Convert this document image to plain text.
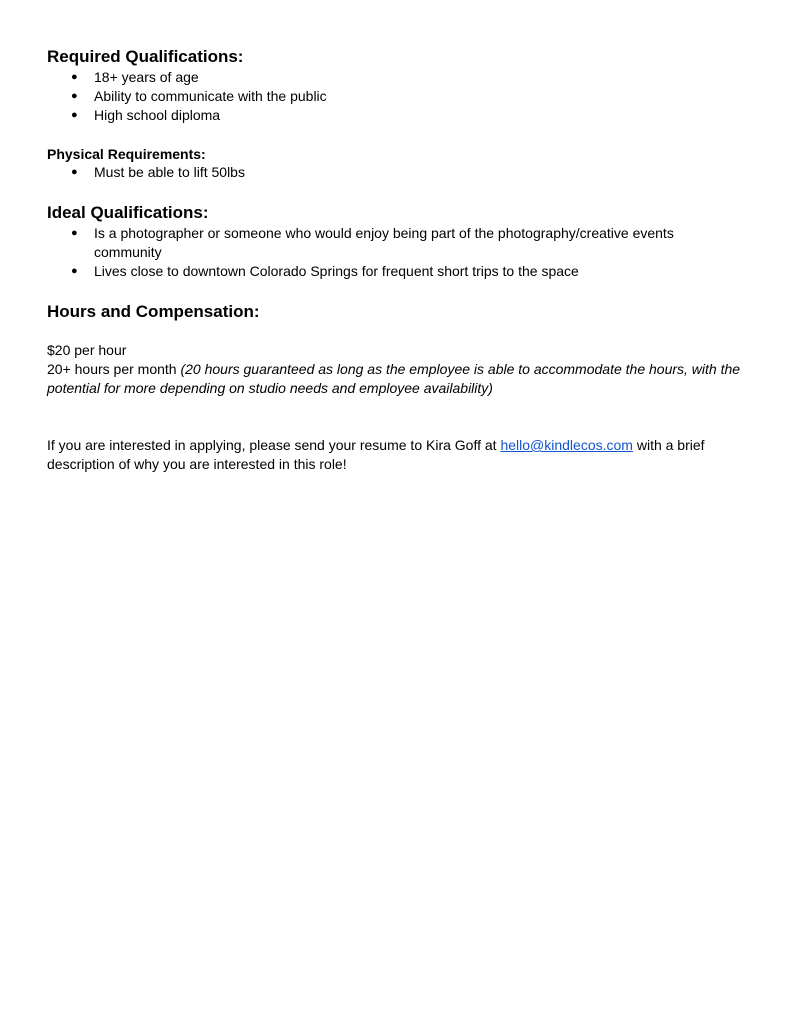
Required Qualifications:
● 18+ years of age
● Ability to communicate with the public
● High school diploma
Physical Requirements:
● Must be able to lift 50lbs
Ideal Qualifications:
● Is a photographer or someone who would enjoy being part of the photography/creative events community
● Lives close to downtown Colorado Springs for frequent short trips to the space
Hours and Compensation:

$20 per hour

20+ hours per month (20 hours guaranteed as long as the employee is able to accommodate the hours, with the potential for more depending on studio needs and employee availability)

If you are interested in applying, please send your resume to Kira Goff at hello@kindlecos.com with a brief description of why you are interested in this role!
